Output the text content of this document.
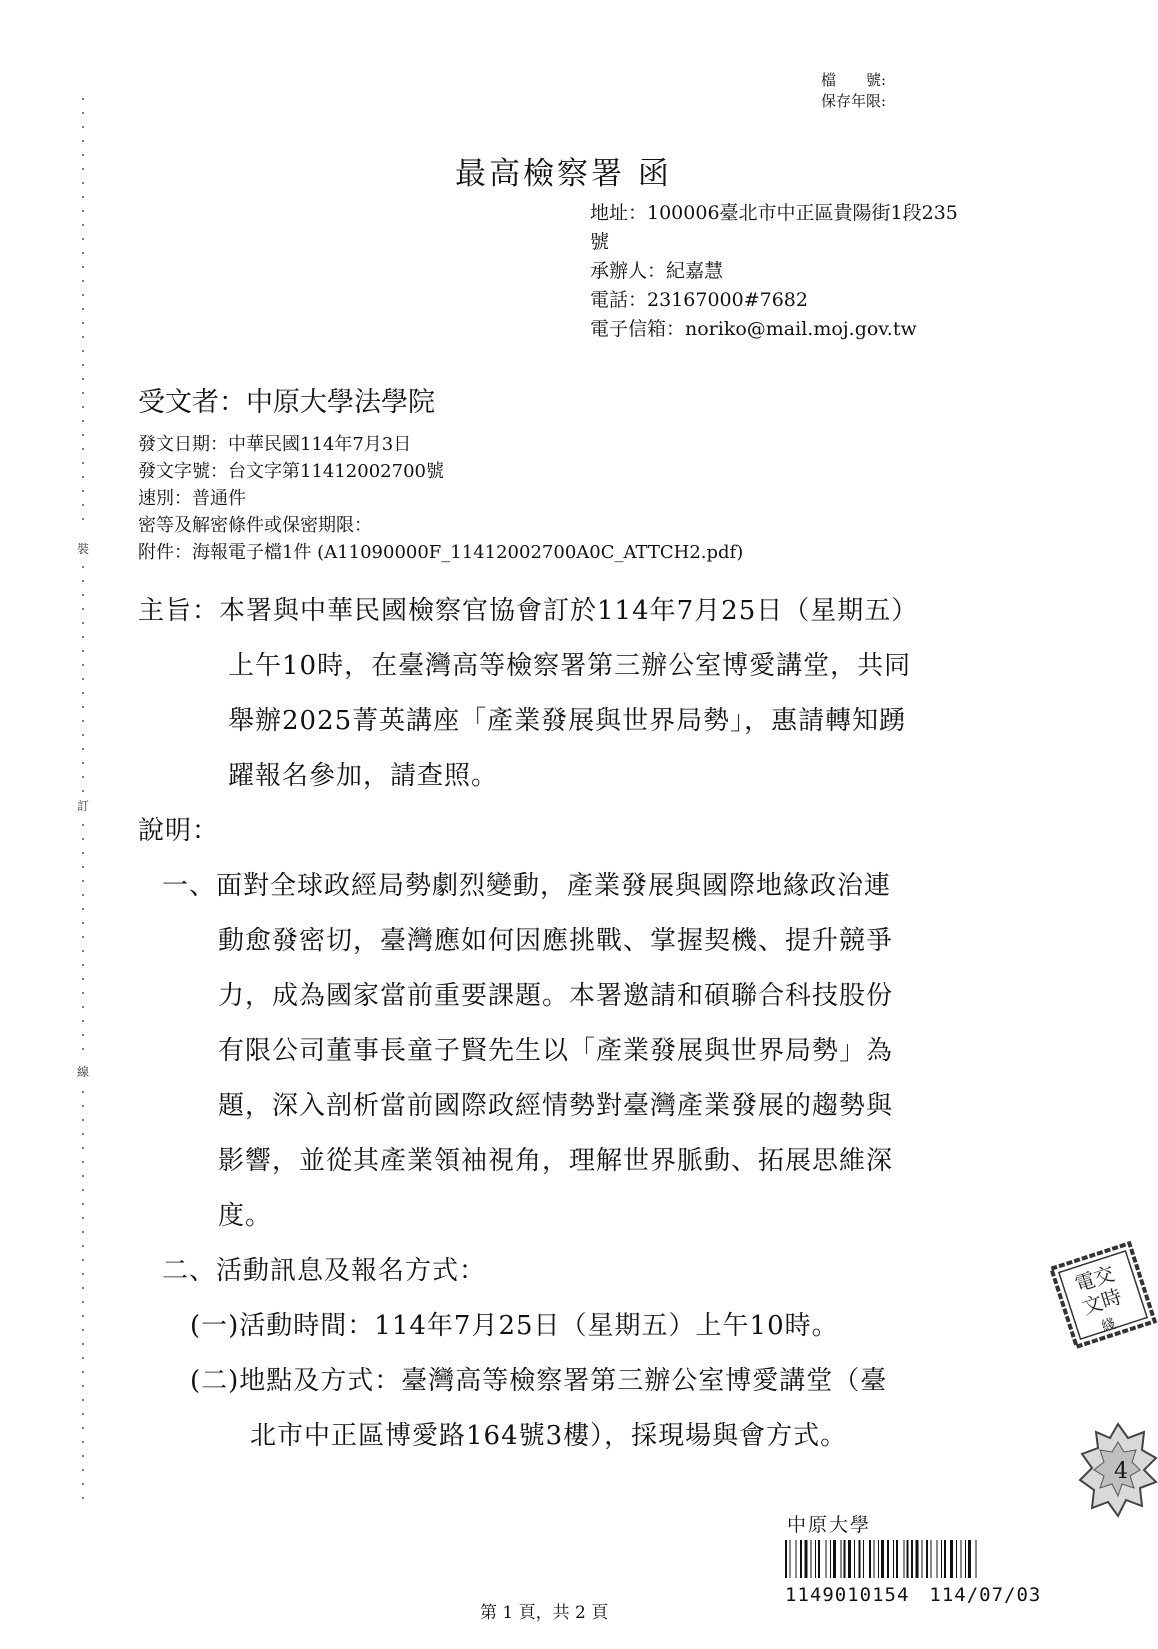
裝
訂
線
檔　　號:
保存年限:
最高檢察署 函
地址：100006臺北市中正區貴陽街1段235
號
承辦人：紀嘉慧
電話：23167000#7682
電子信箱：noriko@mail.moj.gov.tw
受文者：中原大學法學院
發文日期：中華民國114年7月3日
發文字號：台文字第11412002700號
速別：普通件
密等及解密條件或保密期限：
附件：海報電子檔1件 (A11090000F_11412002700A0C_ATTCH2.pdf)
主旨：本署與中華民國檢察官協會訂於114年7月25日（星期五）
上午10時，在臺灣高等檢察署第三辦公室博愛講堂，共同
舉辦2025菁英講座「產業發展與世界局勢」，惠請轉知踴
躍報名參加，請查照。
說明：
一、面對全球政經局勢劇烈變動，產業發展與國際地緣政治連
動愈發密切，臺灣應如何因應挑戰、掌握契機、提升競爭
力，成為國家當前重要課題。本署邀請和碩聯合科技股份
有限公司董事長童子賢先生以「產業發展與世界局勢」為
題，深入剖析當前國際政經情勢對臺灣產業發展的趨勢與
影響，並從其產業領袖視角，理解世界脈動、拓展思維深
度。
二、活動訊息及報名方式：
(一)活動時間：114年7月25日（星期五）上午10時。
(二)地點及方式：臺灣高等檢察署第三辦公室博愛講堂（臺
北市中正區博愛路164號3樓），採現場與會方式。
電交
文時
綫
4
中原大學
1149010154　114/07/03
第 1 頁，共 2 頁
